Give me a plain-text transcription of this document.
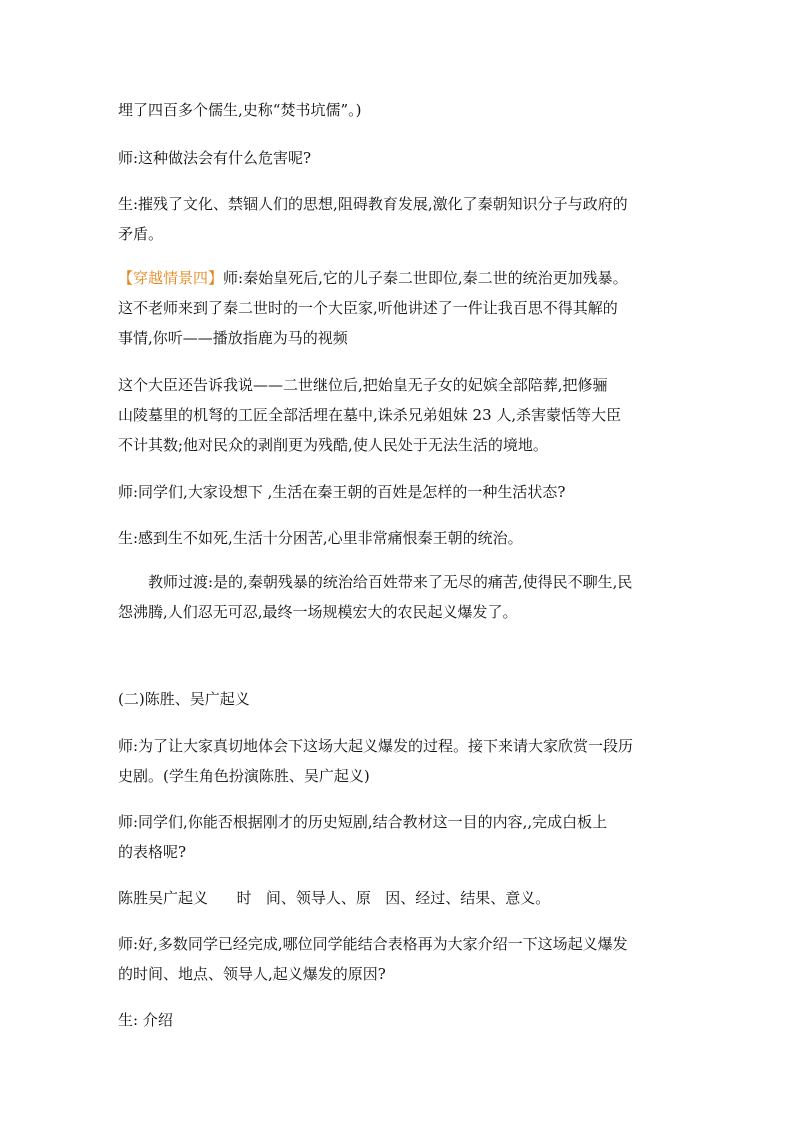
埋了四百多个儒生,史称“焚书坑儒”。)

师:这种做法会有什么危害呢?

生:摧残了文化、禁锢人们的思想,阻碍教育发展,激化了秦朝知识分子与政府的

矛盾。

【穿越情景四】师:秦始皇死后,它的儿子秦二世即位,秦二世的统治更加残暴。

这不老师来到了秦二世时的一个大臣家,听他讲述了一件让我百思不得其解的

事情,你听——播放指鹿为马的视频

这个大臣还告诉我说——二世继位后,把始皇无子女的妃嫔全部陪葬,把修骊

山陵墓里的机弩的工匠全部活埋在墓中,诛杀兄弟姐妹 23 人,杀害蒙恬等大臣

不计其数;他对民众的剥削更为残酷,使人民处于无法生活的境地。

师:同学们,大家设想下 ,生活在秦王朝的百姓是怎样的一种生活状态?

生:感到生不如死,生活十分困苦,心里非常痛恨秦王朝的统治。

教师过渡:是的,秦朝残暴的统治给百姓带来了无尽的痛苦,使得民不聊生,民

怨沸腾,人们忍无可忍,最终一场规模宏大的农民起义爆发了。

(二)陈胜、吴广起义

师:为了让大家真切地体会下这场大起义爆发的过程。接下来请大家欣赏一段历

史剧。(学生角色扮演陈胜、吴广起义)

师:同学们,你能否根据刚才的历史短剧,结合教材这一目的内容,,完成白板上

的表格呢?

陈胜吴广起义      时   间、领导人、原   因、经过、结果、意义。

师:好,多数同学已经完成,哪位同学能结合表格再为大家介绍一下这场起义爆发

的时间、地点、领导人,起义爆发的原因?

生: 介绍
